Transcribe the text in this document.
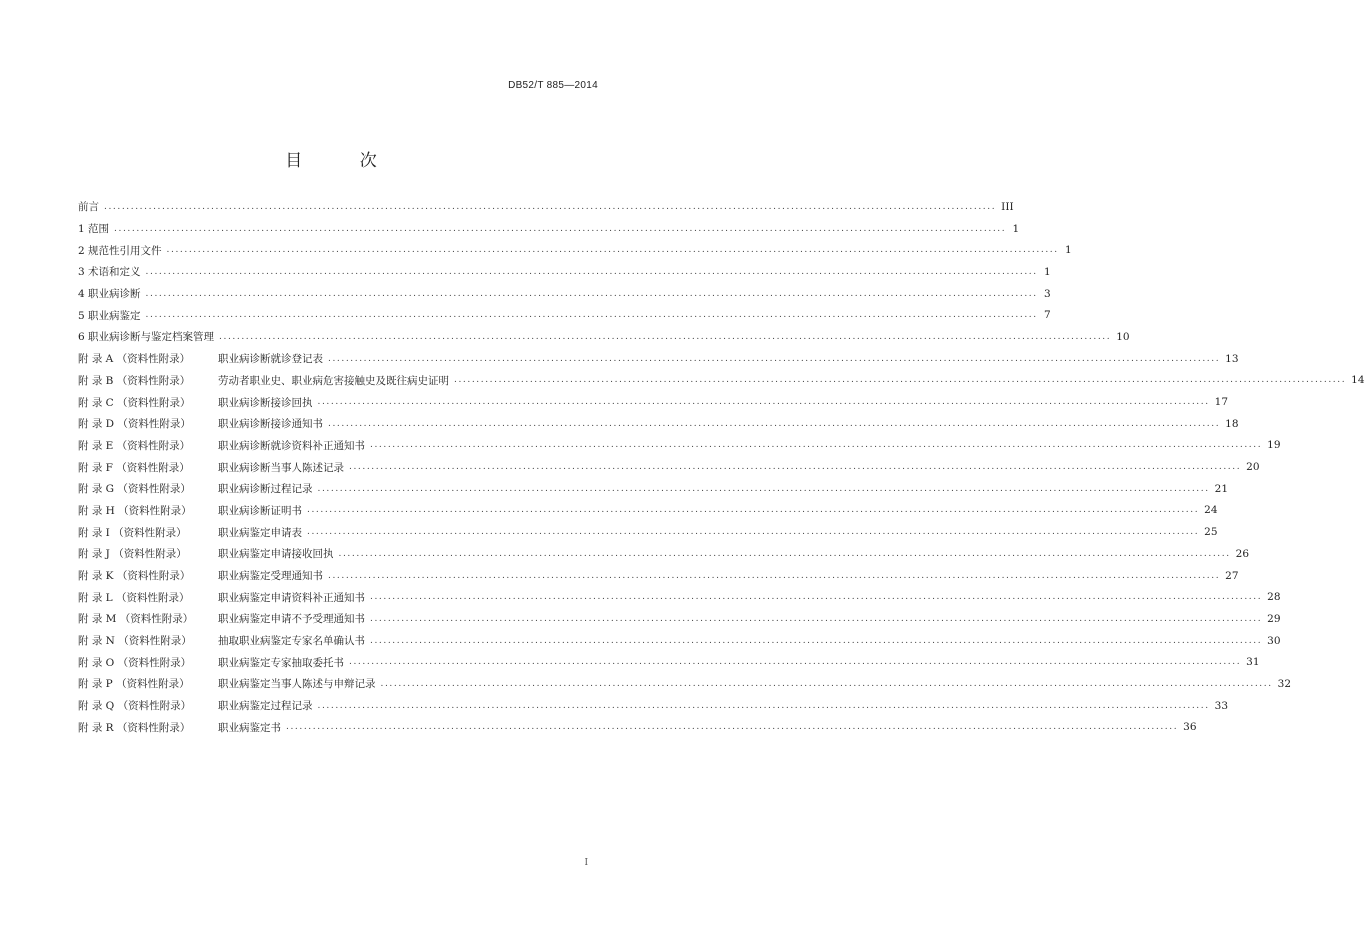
DB52/T 885—2014
目 次
前言 ........................................................................................................................................................................................................ III
1 范围 ........................................................................................................................................................................................................ 1
2 规范性引用文件 ........................................................................................................................................................................................................ 1
3 术语和定义 ........................................................................................................................................................................................................ 1
4 职业病诊断 ........................................................................................................................................................................................................ 3
5 职业病鉴定 ........................................................................................................................................................................................................ 7
6 职业病诊断与鉴定档案管理 ........................................................................................................................................................................................................ 10
附 录 A （资料性附录）	职业病诊断就诊登记表 ........................................................................................................................................................................................................ 13
附 录 B （资料性附录）	劳动者职业史、职业病危害接触史及既往病史证明 ........................................................................................................................................................................................................ 14
附 录 C （资料性附录）	职业病诊断接诊回执 ........................................................................................................................................................................................................ 17
附 录 D （资料性附录）	职业病诊断接诊通知书 ........................................................................................................................................................................................................ 18
附 录 E （资料性附录）	职业病诊断就诊资料补正通知书 ........................................................................................................................................................................................................ 19
附 录 F （资料性附录）	职业病诊断当事人陈述记录 ........................................................................................................................................................................................................ 20
附 录 G （资料性附录）	职业病诊断过程记录 ........................................................................................................................................................................................................ 21
附 录 H （资料性附录）	职业病诊断证明书 ........................................................................................................................................................................................................ 24
附 录 I （资料性附录）	职业病鉴定申请表 ........................................................................................................................................................................................................ 25
附 录 J （资料性附录）	职业病鉴定申请接收回执 ........................................................................................................................................................................................................ 26
附 录 K （资料性附录）	职业病鉴定受理通知书 ........................................................................................................................................................................................................ 27
附 录 L （资料性附录）	职业病鉴定申请资料补正通知书 ........................................................................................................................................................................................................ 28
附 录 M （资料性附录） 职业病鉴定申请不予受理通知书 ........................................................................................................................................................................................................ 29
附 录 N （资料性附录）	抽取职业病鉴定专家名单确认书 ........................................................................................................................................................................................................ 30
附 录 O （资料性附录）	职业病鉴定专家抽取委托书 ........................................................................................................................................................................................................ 31
附 录 P （资料性附录）	职业病鉴定当事人陈述与申辩记录 ........................................................................................................................................................................................................ 32
附 录 Q （资料性附录）	职业病鉴定过程记录 ........................................................................................................................................................................................................ 33
附 录 R （资料性附录）	职业病鉴定书 ........................................................................................................................................................................................................ 36
I
